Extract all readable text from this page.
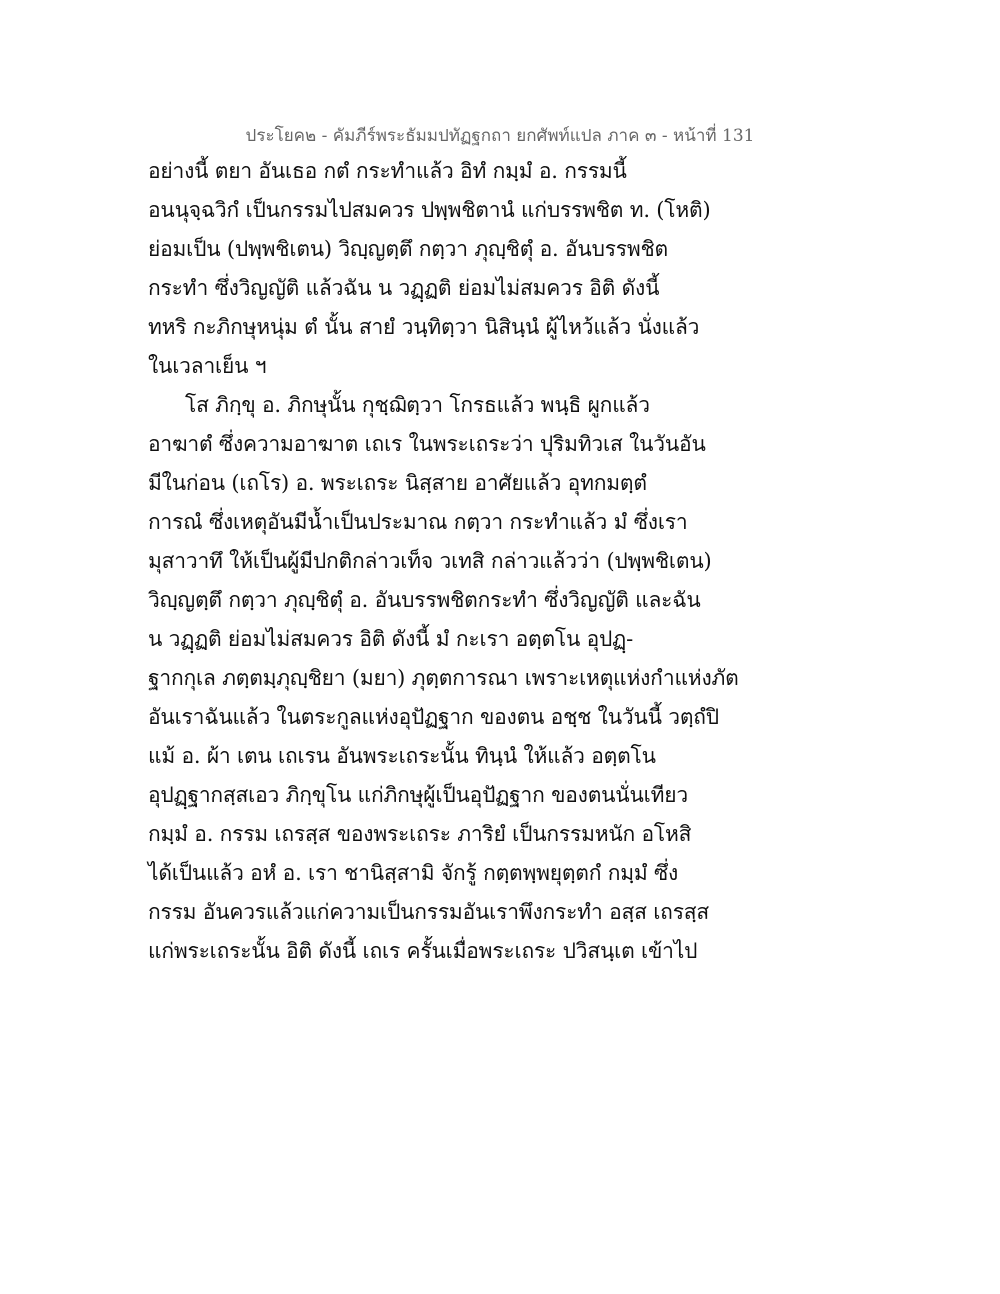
ประโยค๒ - คัมภีร์พระธัมมปทัฏฐกถา ยกศัพท์แปล ภาค ๓ - หน้าที่ 131
อย่างนี้ ตยา อันเธอ กตํ กระทำแล้ว อิทํ กมฺมํ อ. กรรมนี้
อนนุจฺฉวิกํ เป็นกรรมไปสมควร ปพฺพชิตานํ แก่บรรพชิต ท. (โหติ)
ย่อมเป็น (ปพฺพชิเตน) วิญฺญตฺตึ กตฺวา ภุญฺชิตุํ อ. อันบรรพชิต
กระทำ ซึ่งวิญญัติ แล้วฉัน น วฏฺฏติ ย่อมไม่สมควร อิติ ดังนี้
ทหริ กะภิกษุหนุ่ม ตํ นั้น สายํ วนฺทิตฺวา นิสินฺนํ ผู้ไหว้แล้ว นั่งแล้ว
ในเวลาเย็น ฯ
โส ภิกฺขุ อ. ภิกษุนั้น กุชฺฌิตฺวา โกรธแล้ว พนฺธิ ผูกแล้ว
อาฆาตํ ซึ่งความอาฆาต เถเร ในพระเถระว่า ปุริมทิวเส ในวันอัน
มีในก่อน (เถโร) อ. พระเถระ นิสฺสาย อาศัยแล้ว อุทกมตฺตํ
การณํ ซึ่งเหตุอันมีน้ำเป็นประมาณ กตฺวา กระทำแล้ว มํ ซึ่งเรา
มุสาวาทึ ให้เป็นผู้มีปกติกล่าวเท็จ วเทสิ กล่าวแล้วว่า (ปพฺพชิเตน)
วิญฺญตฺตึ กตฺวา ภุญฺชิตุํ อ. อันบรรพชิตกระทำ ซึ่งวิญญัติ และฉัน
น วฏฺฏติ ย่อมไม่สมควร อิติ ดังนี้ มํ กะเรา อตฺตโน อุปฏฺ-
ฐากกุเล ภตฺตมฺภุญฺชิยา (มยา) ภุตฺตการณา เพราะเหตุแห่งกำแห่งภัต
อันเราฉันแล้ว ในตระกูลแห่งอุปัฏฐาก ของตน อชฺช ในวันนี้ วตฺถํปิ
แม้ อ. ผ้า เตน เถเรน อันพระเถระนั้น ทินฺนํ ให้แล้ว อตฺตโน
อุปฏฺฐากสฺสเอว ภิกฺขุโน แก่ภิกษุผู้เป็นอุปัฏฐาก ของตนนั่นเทียว
กมฺมํ อ. กรรม เถรสฺส ของพระเถระ ภาริยํ เป็นกรรมหนัก อโหสิ
ได้เป็นแล้ว อหํ อ. เรา ชานิสฺสามิ จักรู้ กตฺตพฺพยุตฺตกํ กมฺมํ ซึ่ง
กรรม อันควรแล้วแก่ความเป็นกรรมอันเราพึงกระทำ อสฺส เถรสฺส
แก่พระเถระนั้น อิติ ดังนี้ เถเร ครั้นเมื่อพระเถระ ปวิสนฺเต เข้าไป
